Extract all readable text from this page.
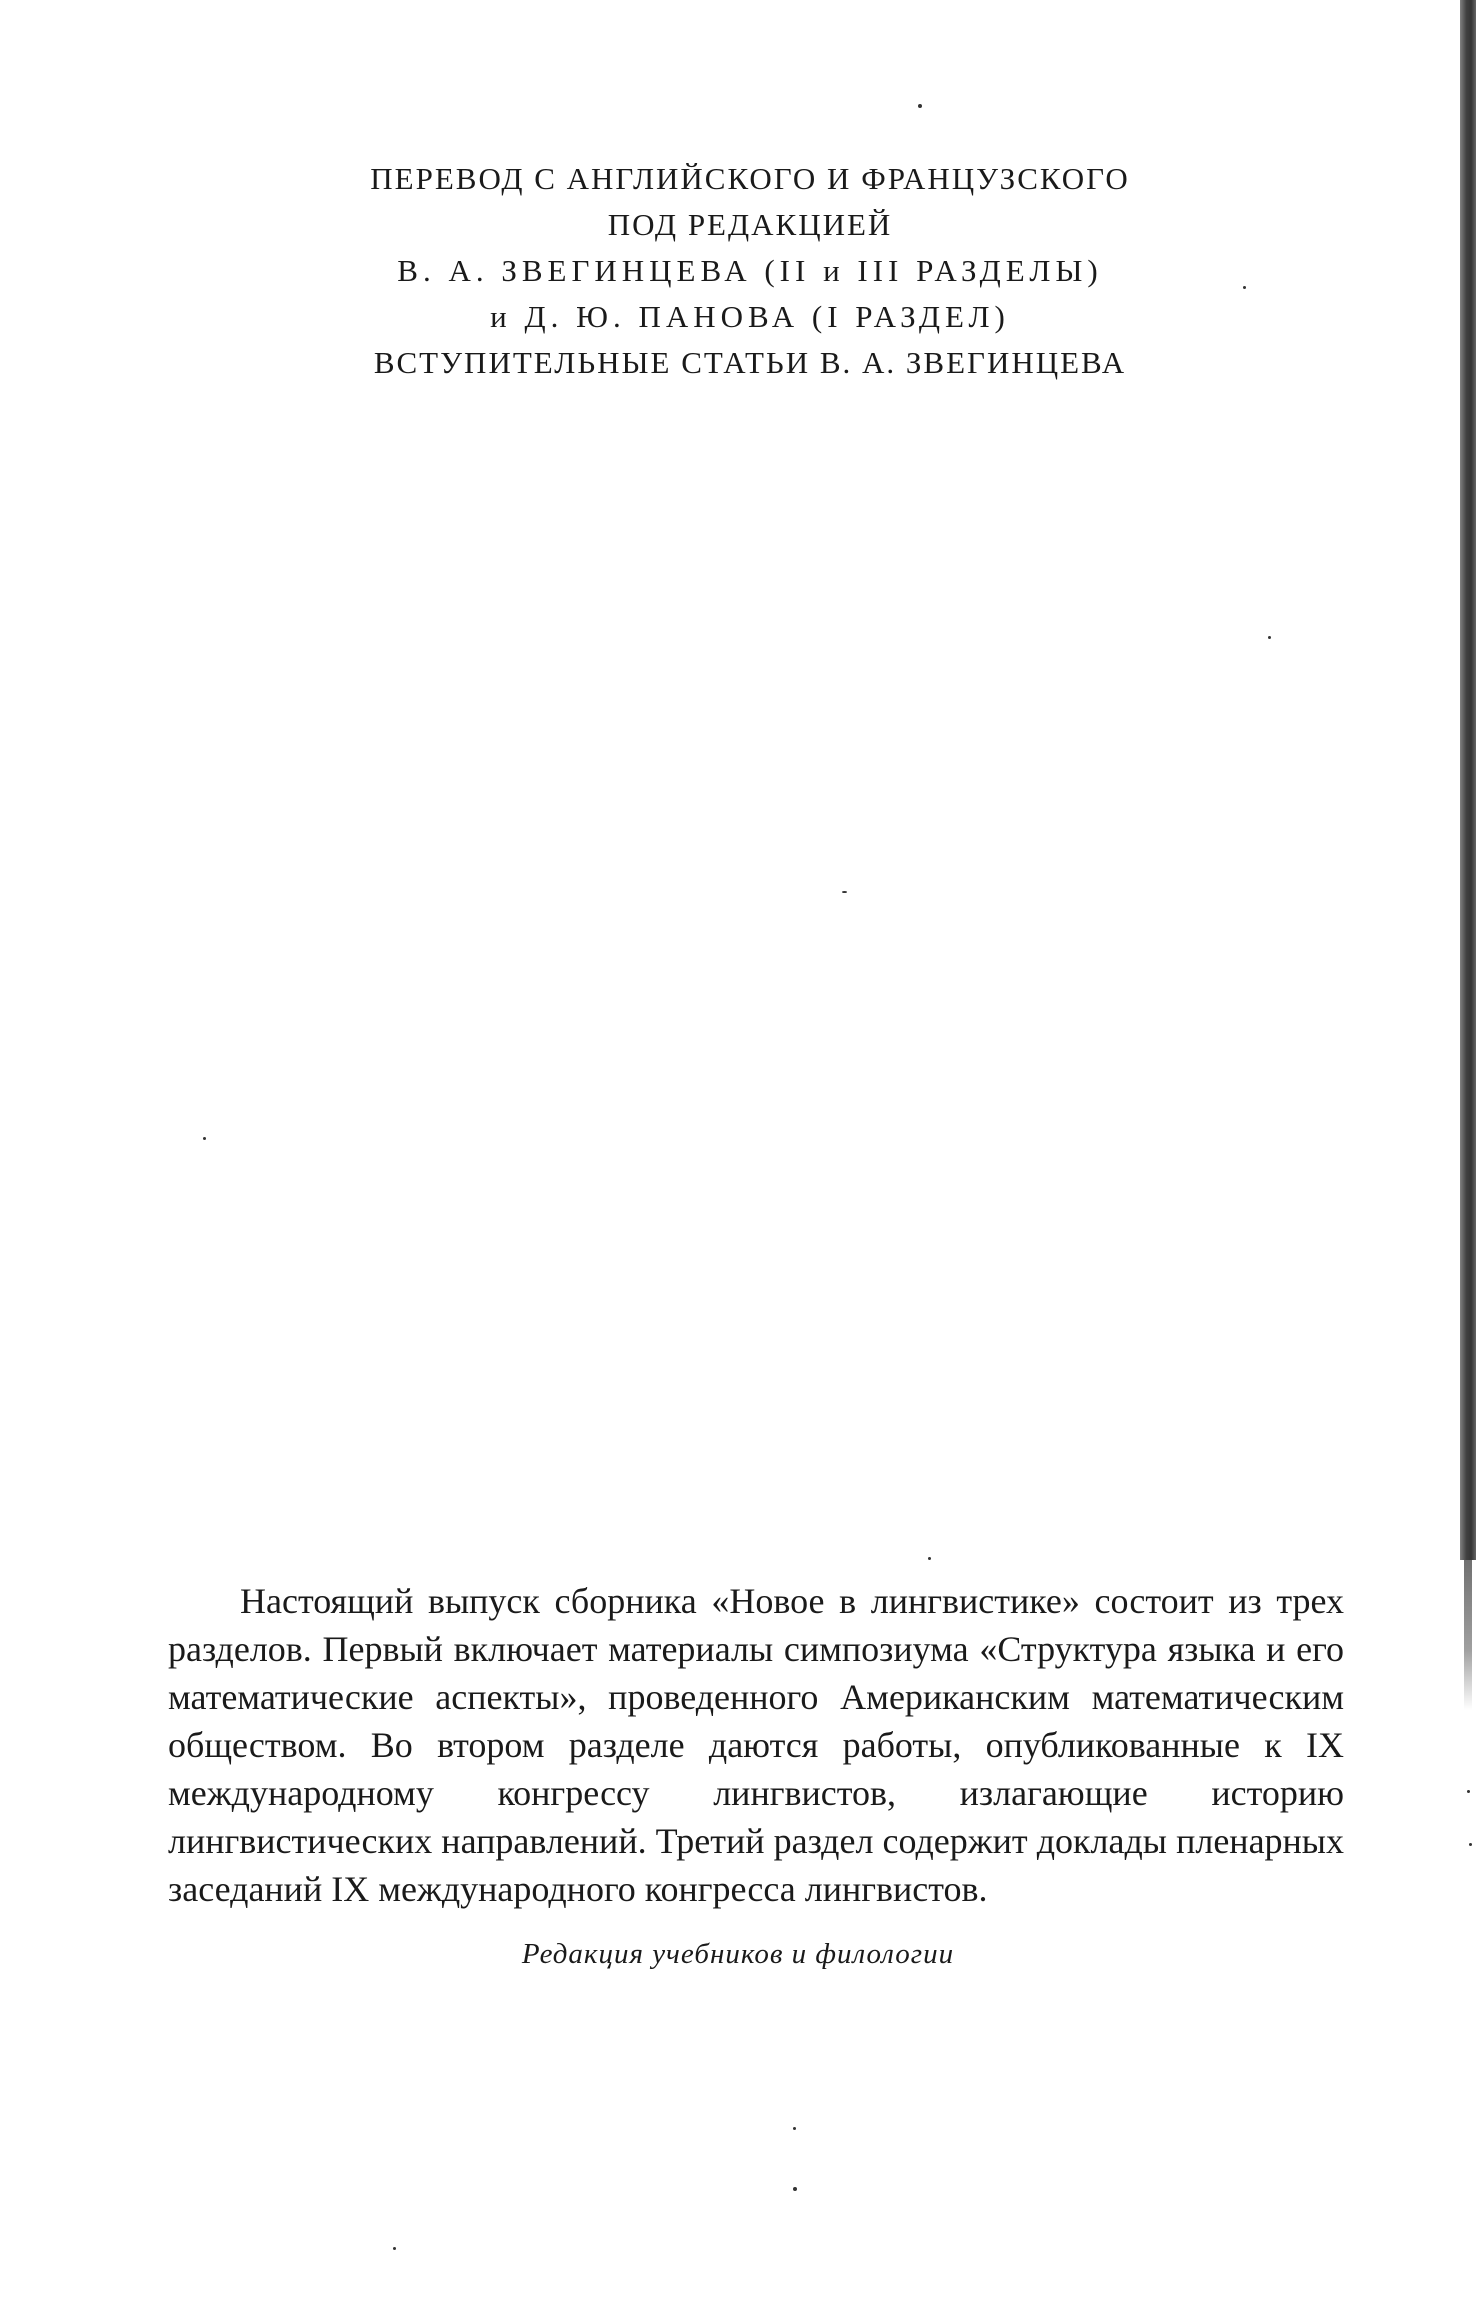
ПЕРЕВОД С АНГЛИЙСКОГО И ФРАНЦУЗСКОГО
ПОД РЕДАКЦИЕЙ
В. А. ЗВЕГИНЦЕВА (II и III РАЗДЕЛЫ)
и Д. Ю. ПАНОВА (I РАЗДЕЛ)
ВСТУПИТЕЛЬНЫЕ СТАТЬИ В. А. ЗВЕГИНЦЕВА

Настоящий выпуск сборника «Новое в лингвистике» состоит из трех разделов. Первый включает материалы симпозиума «Структура языка и его математические аспекты», проведенного Американским математическим обществом. Во втором разделе даются работы, опубликованные к IX международному конгрессу лингвистов, излагающие историю лингвистических направлений. Третий раздел содержит доклады пленарных заседаний IX международного конгресса лингвистов.

Редакция учебников и филологии
